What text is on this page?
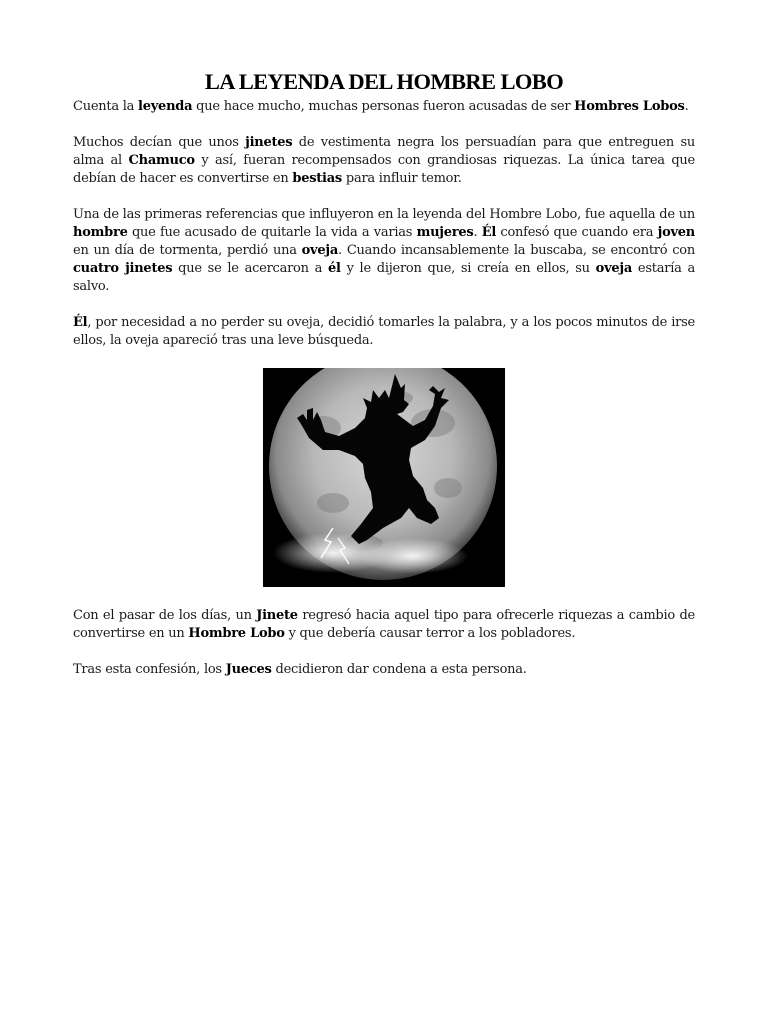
LA LEYENDA DEL HOMBRE LOBO

Cuenta la leyenda que hace mucho, muchas personas fueron acusadas de ser Hombres Lobos.

Muchos decían que unos jinetes de vestimenta negra los persuadían para que entreguen su alma al Chamuco y así, fueran recompensados con grandiosas riquezas. La única tarea que debían de hacer es convertirse en bestias para influir temor.

Una de las primeras referencias que influyeron en la leyenda del Hombre Lobo, fue aquella de un hombre que fue acusado de quitarle la vida a varias mujeres. Él confesó que cuando era joven en un día de tormenta, perdió una oveja. Cuando incansablemente la buscaba, se encontró con cuatro jinetes que se le acercaron a él y le dijeron que, si creía en ellos, su oveja estaría a salvo.

Él, por necesidad a no perder su oveja, decidió tomarles la palabra, y a los pocos minutos de irse ellos, la oveja apareció tras una leve búsqueda.

Con el pasar de los días, un Jinete regresó hacia aquel tipo para ofrecerle riquezas a cambio de convertirse en un Hombre Lobo y que debería causar terror a los pobladores.

Tras esta confesión, los Jueces decidieron dar condena a esta persona.
